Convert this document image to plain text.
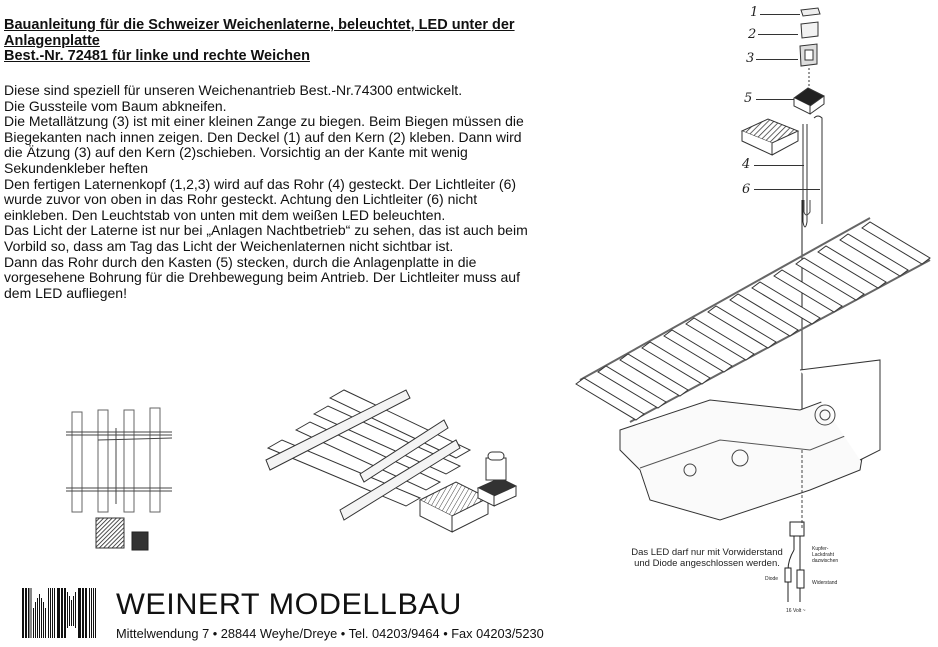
Bauanleitung für die Schweizer Weichenlaterne, beleuchtet, LED unter der
Anlagenplatte
Best.-Nr. 72481 für linke und rechte Weichen

Diese sind speziell für unseren Weichenantrieb Best.-Nr.74300 entwickelt.

Die Gussteile vom Baum abkneifen.

Die Metallätzung (3) ist mit einer kleinen Zange zu biegen. Beim Biegen müssen die Biegekanten nach innen zeigen. Den Deckel (1) auf den Kern (2) kleben. Dann wird die Ätzung (3) auf den Kern (2)schieben. Vorsichtig an der Kante mit wenig Sekundenkleber heften

Den fertigen Laternenkopf (1,2,3) wird auf das Rohr (4) gesteckt. Der Lichtleiter (6) wurde zuvor von oben in das Rohr gesteckt. Achtung den Lichtleiter (6) nicht einkleben. Den Leuchtstab von unten mit dem weißen LED beleuchten.

Das Licht der Laterne ist nur bei „Anlagen Nachtbetrieb“ zu sehen, das ist auch beim Vorbild so, dass am Tag das Licht der Weichenlaternen nicht sichtbar ist.

Dann das Rohr durch den Kasten (5) stecken, durch die Anlagenplatte in die vorgesehene Bohrung für die Drehbewegung beim Antrieb. Der Lichtleiter muss auf dem LED aufliegen!

1
2
3
5
4
6
Das LED darf nur mit Vorwiderstand
und Diode angeschlossen werden.
Kupfer-Lackdraht dazwischen
Diode
Widerstand
16 Volt ~
WEINERT MODELLBAU
Mittelwendung 7 • 28844 Weyhe/Dreye • Tel. 04203/9464 • Fax 04203/5230
